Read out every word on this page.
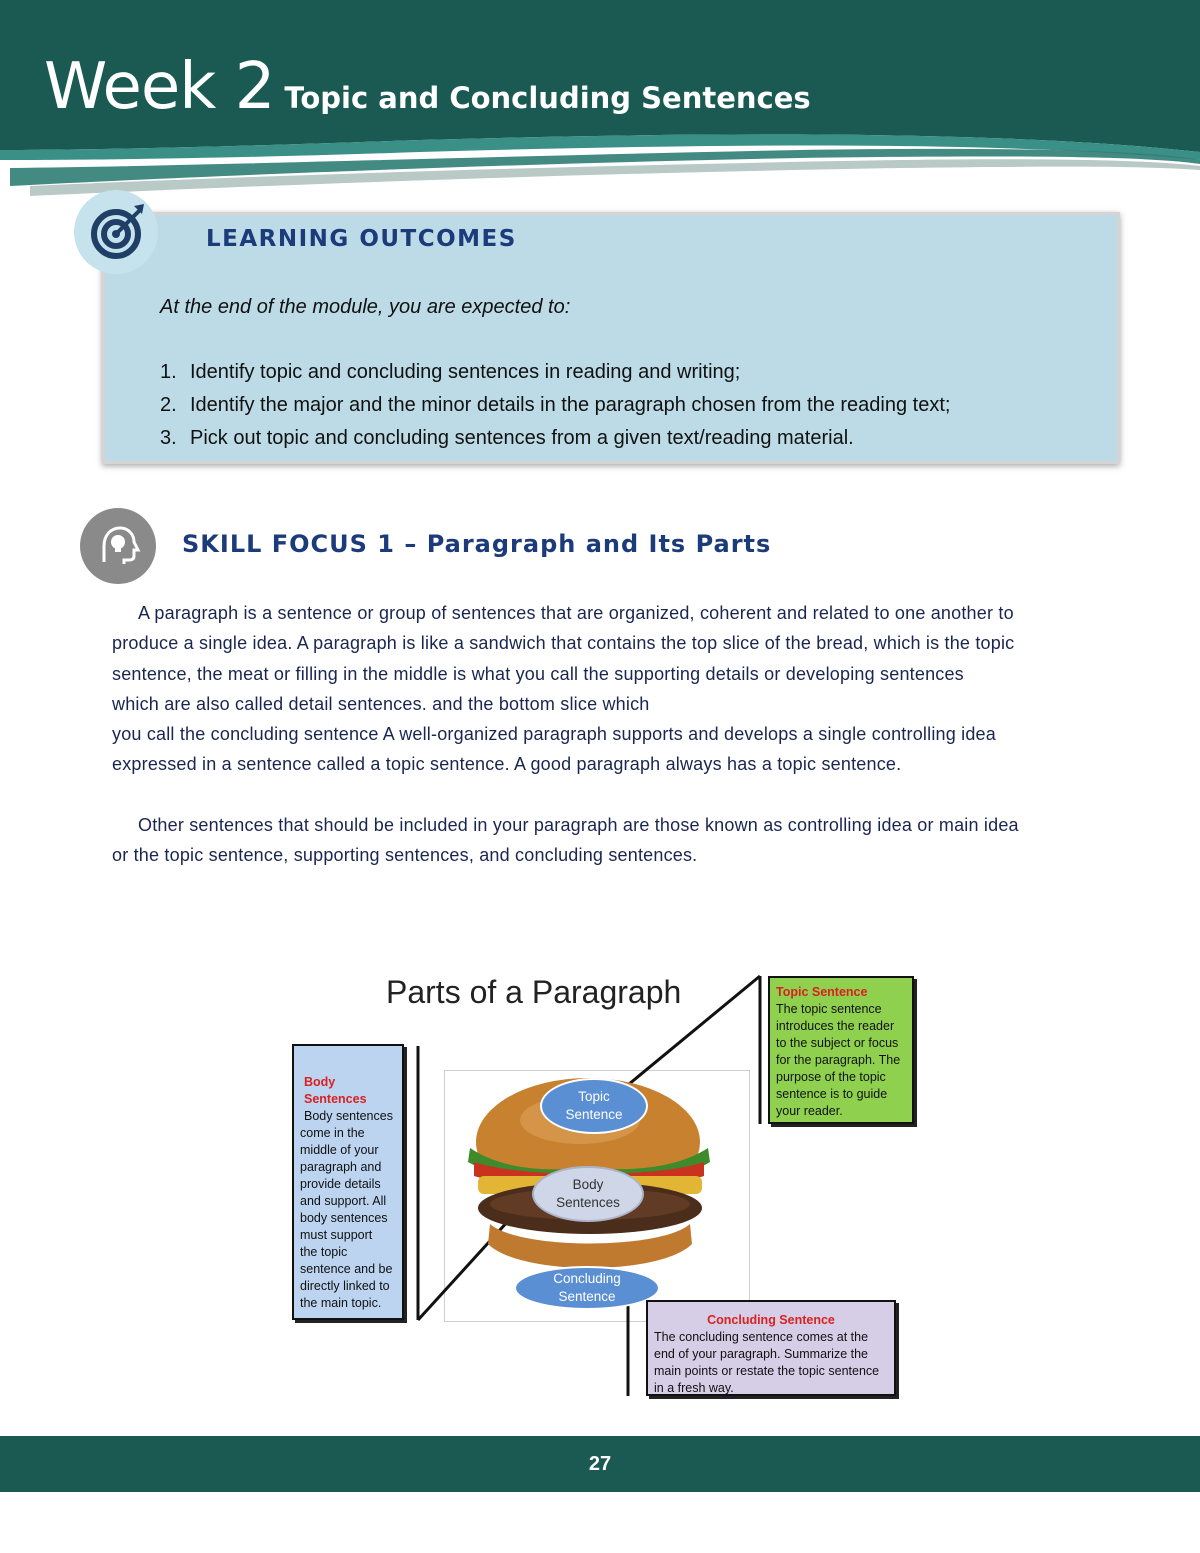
Week 2 Topic and Concluding Sentences
LEARNING OUTCOMES
At the end of the module, you are expected to:
1. Identify topic and concluding sentences in reading and writing;
2. Identify the major and the minor details in the paragraph chosen from the reading text;
3. Pick out topic and concluding sentences from a given text/reading material.
SKILL FOCUS 1 – Paragraph and Its Parts

A paragraph is a sentence or group of sentences that are organized, coherent and related to one another to

produce a single idea. A paragraph is like a sandwich that contains the top slice of the bread, which is the topic

sentence, the meat or filling in the middle is what you call the supporting details or developing sentences

which are also called detail sentences. and the bottom slice which

you call the concluding sentence A well-organized paragraph supports and develops a single controlling idea

expressed in a sentence called a topic sentence. A good paragraph always has a topic sentence.

Other sentences that should be included in your paragraph are those known as controlling idea or main idea

or the topic sentence, supporting sentences, and concluding sentences.

Parts of a Paragraph
Topic
Sentence
Body
Sentences
Concluding
Sentence
Body Sentences
Body sentences
come in the
middle of your
paragraph and
provide details
and support. All
body sentences
must support
the topic
sentence and be
directly linked to
the main topic.
Topic Sentence
The topic sentence
introduces the reader
to the subject or focus
for the paragraph. The
purpose of the topic
sentence is to guide
your reader.
Concluding Sentence
The concluding sentence comes at the
end of your paragraph. Summarize the
main points or restate the topic sentence
in a fresh way.
27
